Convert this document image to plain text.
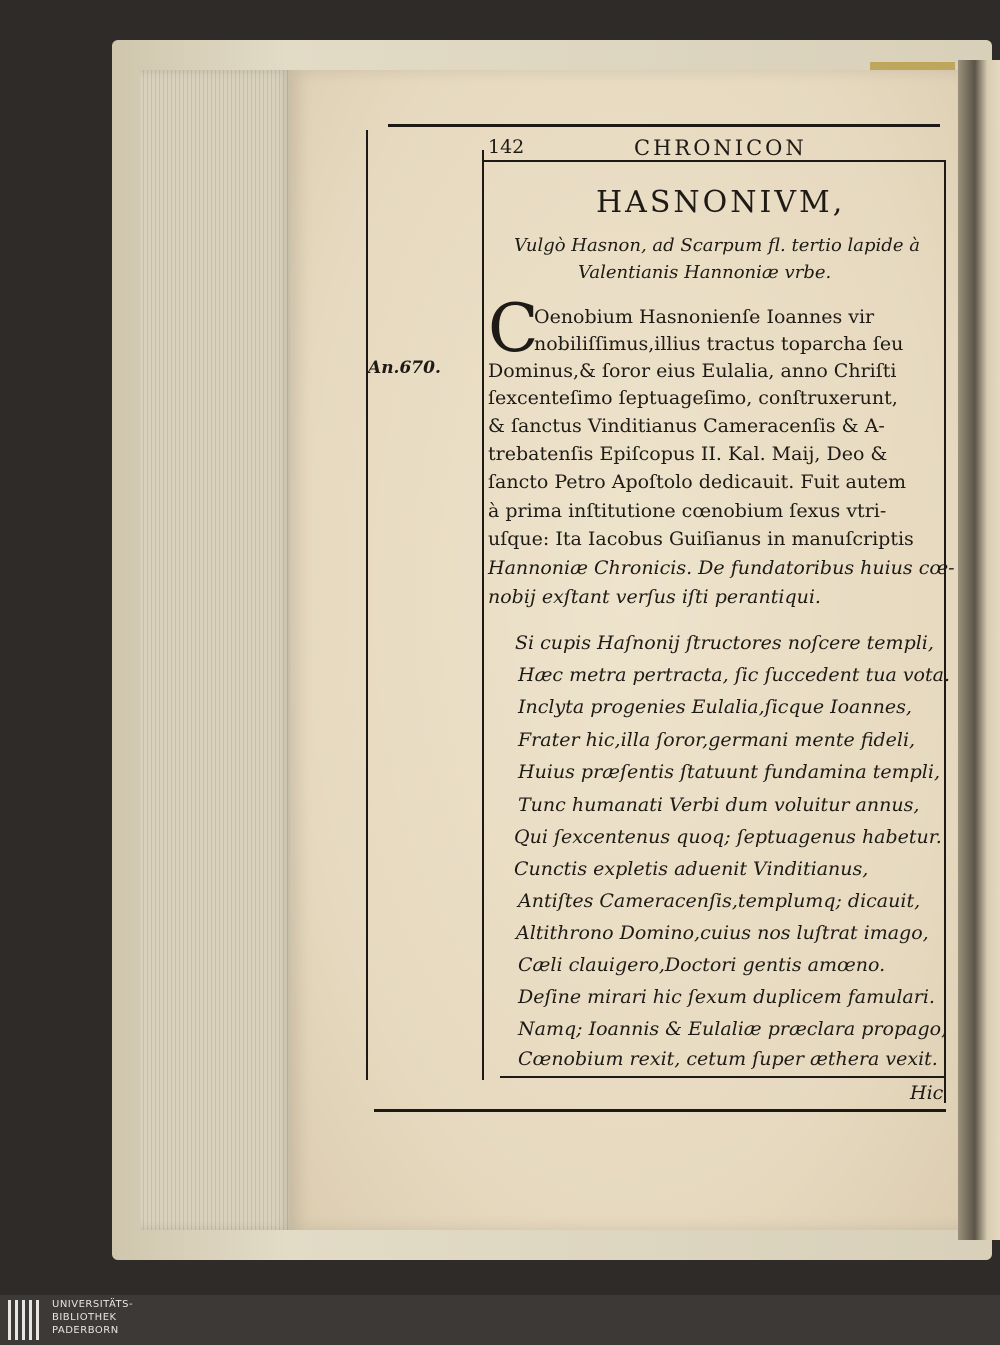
142	CHRONICON
HASNONIVM,
Vulgò Hasnon, ad Scarpum fl. tertio lapide à
Valentianis Hannoniæ vrbe.
An.670.
C
Oenobium Hasnonienſe Ioannes vir
nobiliſſimus,illius tractus toparcha ſeu
Dominus,& ſoror eius Eulalia, anno Chriſti
ſexcenteſimo ſeptuageſimo, conſtruxerunt,
& ſanctus Vinditianus Cameracenſis & A-
trebatenſis Epiſcopus II. Kal. Maij, Deo &
ſancto Petro Apoſtolo dedicauit. Fuit autem
à prima inſtitutione cœnobium ſexus vtri-
uſque: Ita Iacobus Guiſianus in manuſcriptis
Hannoniæ Chronicis. De fundatoribus huius cœ-
nobij exſtant verſus iſti perantiqui.
Si cupis Haſnonij ſtructores noſcere templi,
Hæc metra pertracta, ſic ſuccedent tua vota.
Inclyta progenies Eulalia,ſicque Ioannes,
Frater hic,illa ſoror,germani mente fideli,
Huius præſentis ſtatuunt fundamina templi,
Tunc humanati Verbi dum voluitur annus,
Qui ſexcentenus quoq; ſeptuagenus habetur.
Cunctis expletis aduenit Vinditianus,
Antiſtes Cameracenſis,templumq; dicauit,
Altithrono Domino,cuius nos luſtrat imago,
Cæli clauigero,Doctori gentis amœno.
Deſine mirari hic ſexum duplicem famulari.
Namq; Ioannis & Eulaliæ præclara propago,
Cœnobium rexit, cetum ſuper æthera vexit.
Hic
UNIVERSITÄTS-
BIBLIOTHEK
PADERBORN
